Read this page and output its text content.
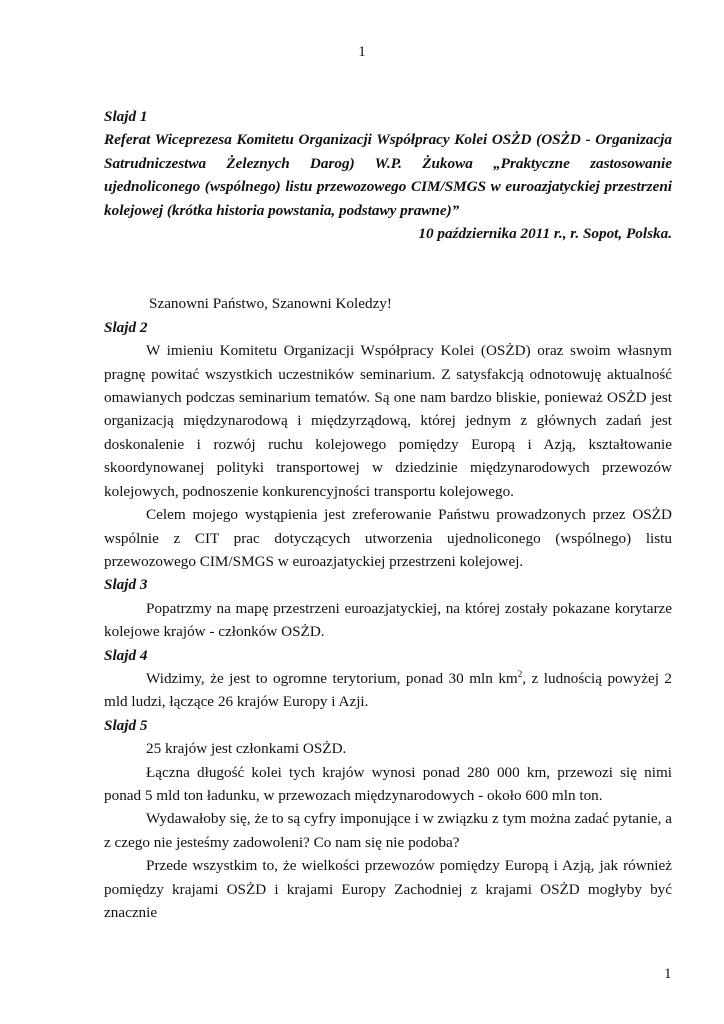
1

Slajd 1

Referat Wiceprezesa Komitetu Organizacji Współpracy Kolei OSŻD (OSŻD - Organizacja Satrudniczestwa Żeleznych Darog) W.P. Żukowa „Praktyczne zastosowanie ujednoliconego (wspólnego) listu przewozowego CIM/SMGS w euroazjatyckiej przestrzeni kolejowej (krótka historia powstania, podstawy prawne)”

10 października 2011 r., r. Sopot, Polska.

Szanowni Państwo, Szanowni Koledzy!

Slajd 2

W imieniu Komitetu Organizacji Współpracy Kolei (OSŻD) oraz swoim własnym pragnę powitać wszystkich uczestników seminarium. Z satysfakcją odnotowuję aktualność omawianych podczas seminarium tematów. Są one nam bardzo bliskie, ponieważ OSŻD jest organizacją międzynarodową i międzyrządową, której jednym z głównych zadań jest doskonalenie i rozwój ruchu kolejowego pomiędzy Europą i Azją, kształtowanie skoordynowanej polityki transportowej w dziedzinie międzynarodowych przewozów kolejowych, podnoszenie konkurencyjności transportu kolejowego.

Celem mojego wystąpienia jest zreferowanie Państwu prowadzonych przez OSŻD wspólnie z CIT prac dotyczących utworzenia ujednoliconego (wspólnego) listu przewozowego CIM/SMGS w euroazjatyckiej przestrzeni kolejowej.

Slajd 3

Popatrzmy na mapę przestrzeni euroazjatyckiej, na której zostały pokazane korytarze kolejowe krajów - członków OSŻD.

Slajd 4

Widzimy, że jest to ogromne terytorium, ponad 30 mln $km^2$, z ludnością powyżej 2 mld ludzi, łączące 26 krajów Europy i Azji.

Slajd 5

25 krajów jest członkami OSŻD.

Łączna długość kolei tych krajów wynosi ponad 280 000 km, przewozi się nimi ponad 5 mld ton ładunku, w przewozach międzynarodowych - około 600 mln ton.

Wydawałoby się, że to są cyfry imponujące i w związku z tym można zadać pytanie, a z czego nie jesteśmy zadowoleni? Co nam się nie podoba?

Przede wszystkim to, że wielkości przewozów pomiędzy Europą i Azją, jak również pomiędzy krajami OSŻD i krajami Europy Zachodniej z krajami OSŻD mogłyby być znacznie

1
